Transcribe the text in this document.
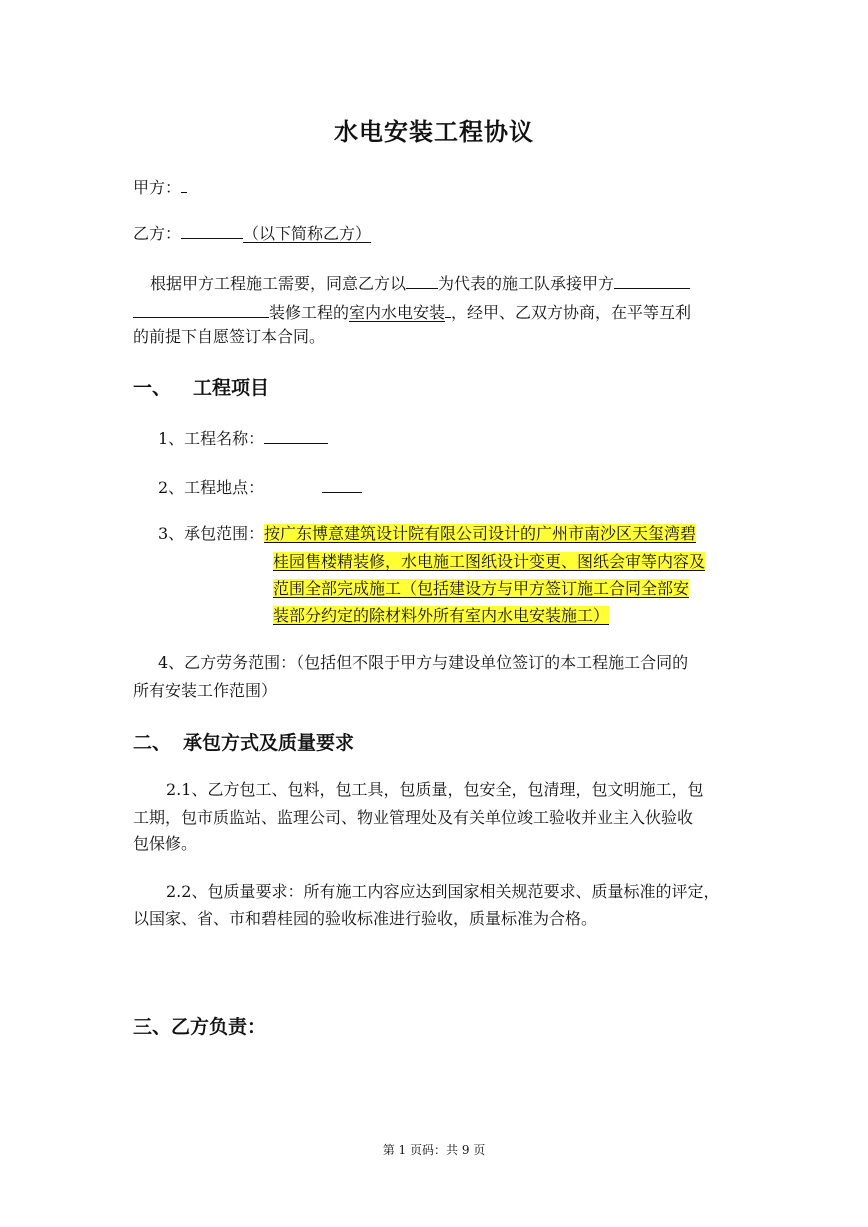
水电安装工程协议
甲方：
乙方：	（以下简称乙方）
根据甲方工程施工需要，同意乙方以 为代表的施工队承接甲方
装修工程的室内水电安装 ，经甲、乙双方协商，在平等互利
的前提下自愿签订本合同。
一、 工程项目
1、工程名称：
2、工程地点：
3、承包范围： 按广东博意建筑设计院有限公司设计的广州市南沙区天玺湾碧
桂园售楼精装修，水电施工图纸设计变更、图纸会审等内容及
范围全部完成施工（包括建设方与甲方签订施工合同全部安
装部分约定的除材料外所有室内水电安装施工）
4、乙方劳务范围：（包括但不限于甲方与建设单位签订的本工程施工合同的
所有安装工作范围）
二、 承包方式及质量要求
2.1、乙方包工、包料，包工具，包质量，包安全，包清理，包文明施工，包
工期，包市质监站、监理公司、物业管理处及有关单位竣工验收并业主入伙验收
包保修。
2.2、包质量要求：所有施工内容应达到国家相关规范要求、质量标准的评定，
以国家、省、市和碧桂园的验收标准进行验收，质量标准为合格。
三、乙方负责：
第 1 页码：共 9 页
